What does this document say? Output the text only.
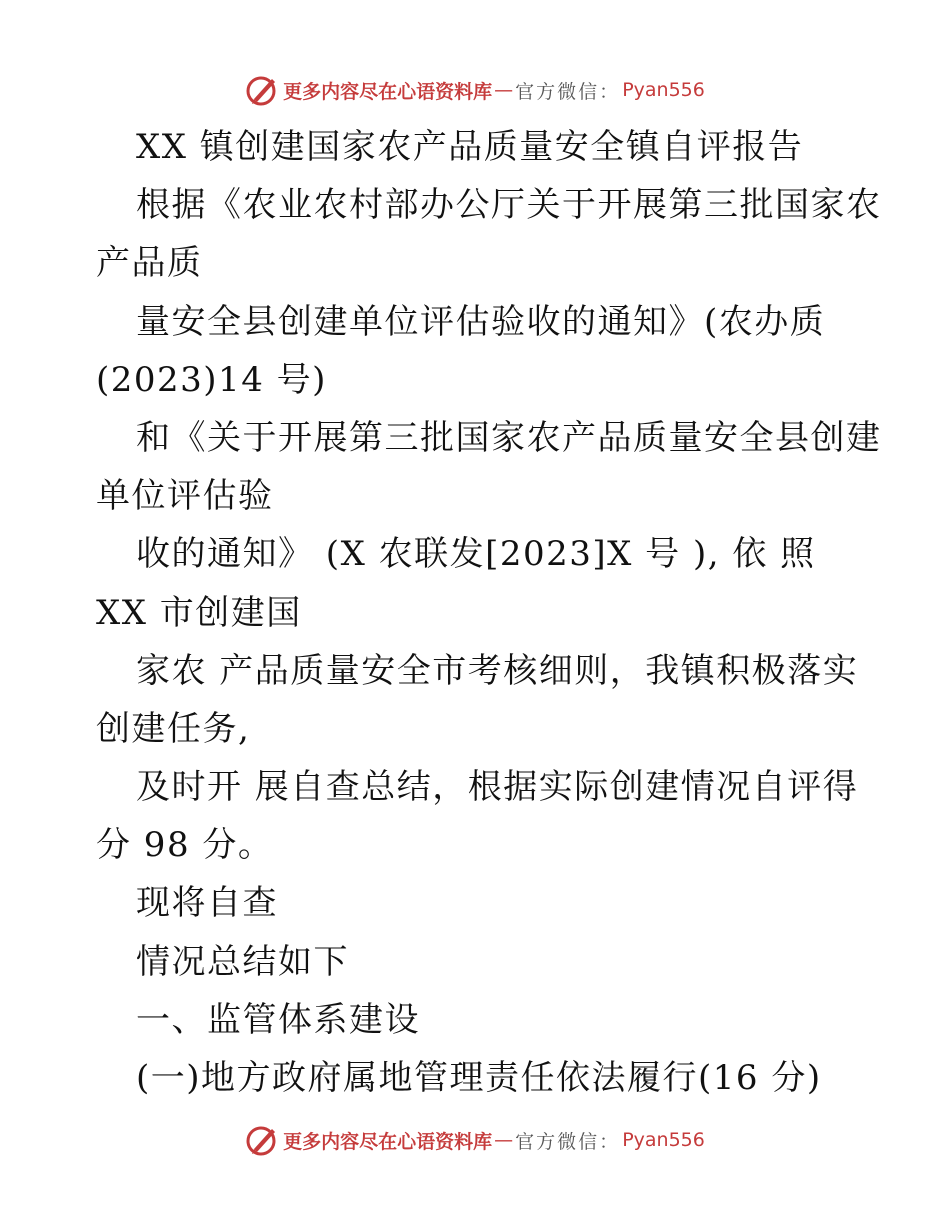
更多内容尽在心语资料库 — 官方微信： Pyan556
XX 镇创建国家农产品质量安全镇自评报告
根据《农业农村部办公厅关于开展第三批国家农
产品质
量安全县创建单位评估验收的通知》(农办质
(2023)14 号)
和《关于开展第三批国家农产品质量安全县创建
单位评估验
收的通知》 (X 农联发[2023]X 号 ), 依 照
XX 市创建国
家农 产品质量安全市考核细则，我镇积极落实
创建任务,
及时开 展自查总结，根据实际创建情况自评得
分 98 分。
现将自查
情况总结如下
一、监管体系建设
(一)地方政府属地管理责任依法履行(16 分)
更多内容尽在心语资料库 — 官方微信： Pyan556
